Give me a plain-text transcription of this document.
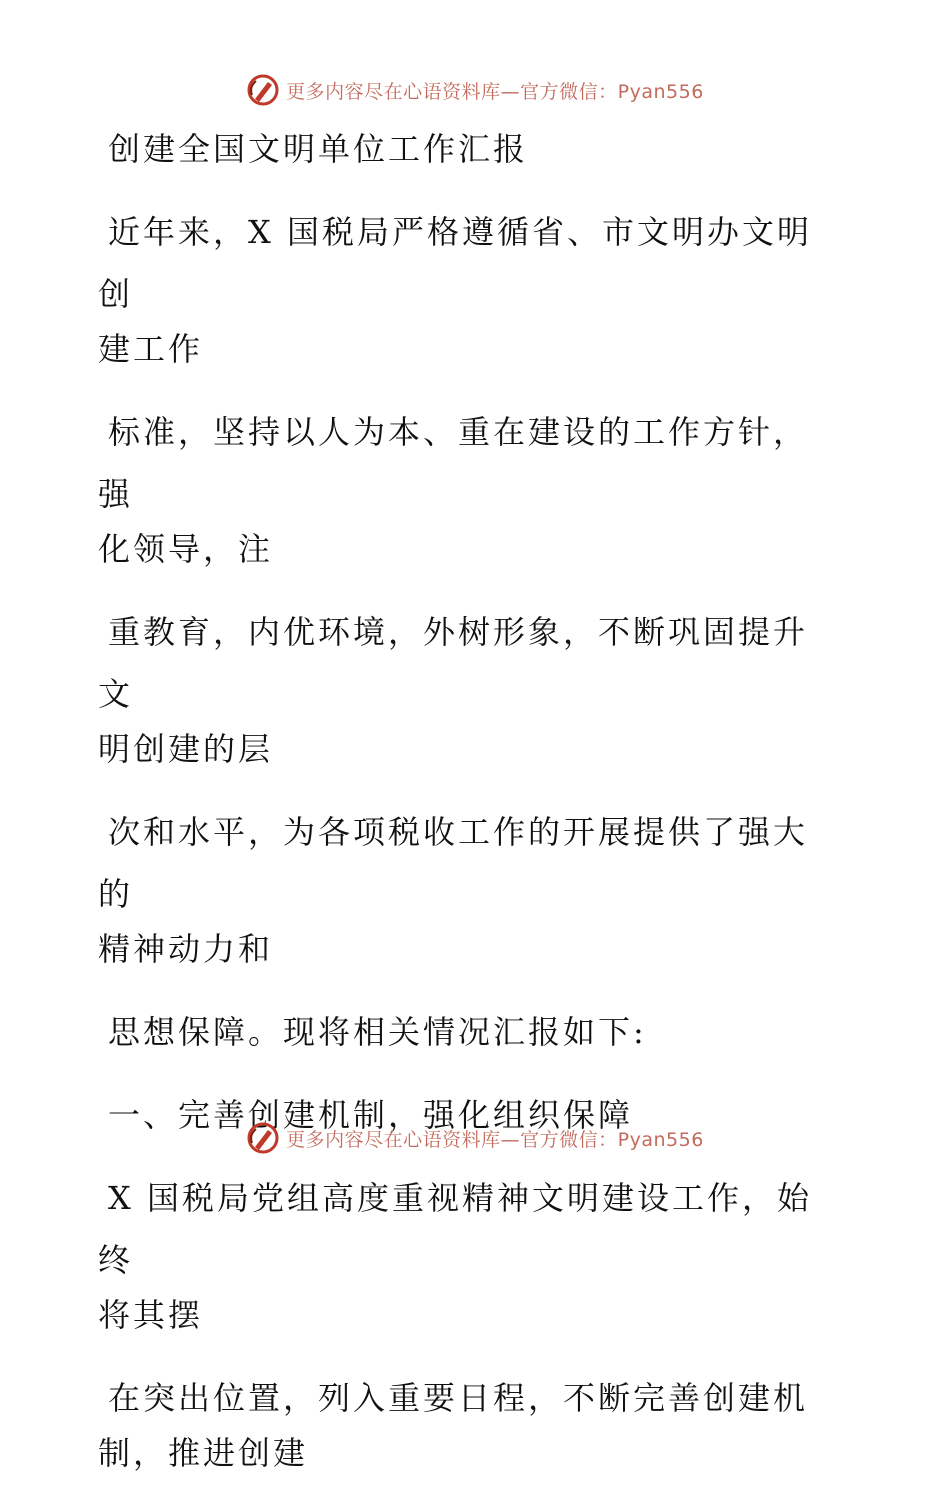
更多内容尽在心语资料库—官方微信：Pyan556

创建全国文明单位工作汇报

近年来，X 国税局严格遵循省、市文明办文明创
建工作

标准，坚持以人为本、重在建设的工作方针，强
化领导，注

重教育，内优环境，外树形象，不断巩固提升文
明创建的层

次和水平，为各项税收工作的开展提供了强大的
精神动力和

思想保障。现将相关情况汇报如下:

一、完善创建机制，强化组织保障

X 国税局党组高度重视精神文明建设工作，始终
将其摆

在突出位置，列入重要日程，不断完善创建机
制，推进创建

更多内容尽在心语资料库—官方微信：Pyan556
